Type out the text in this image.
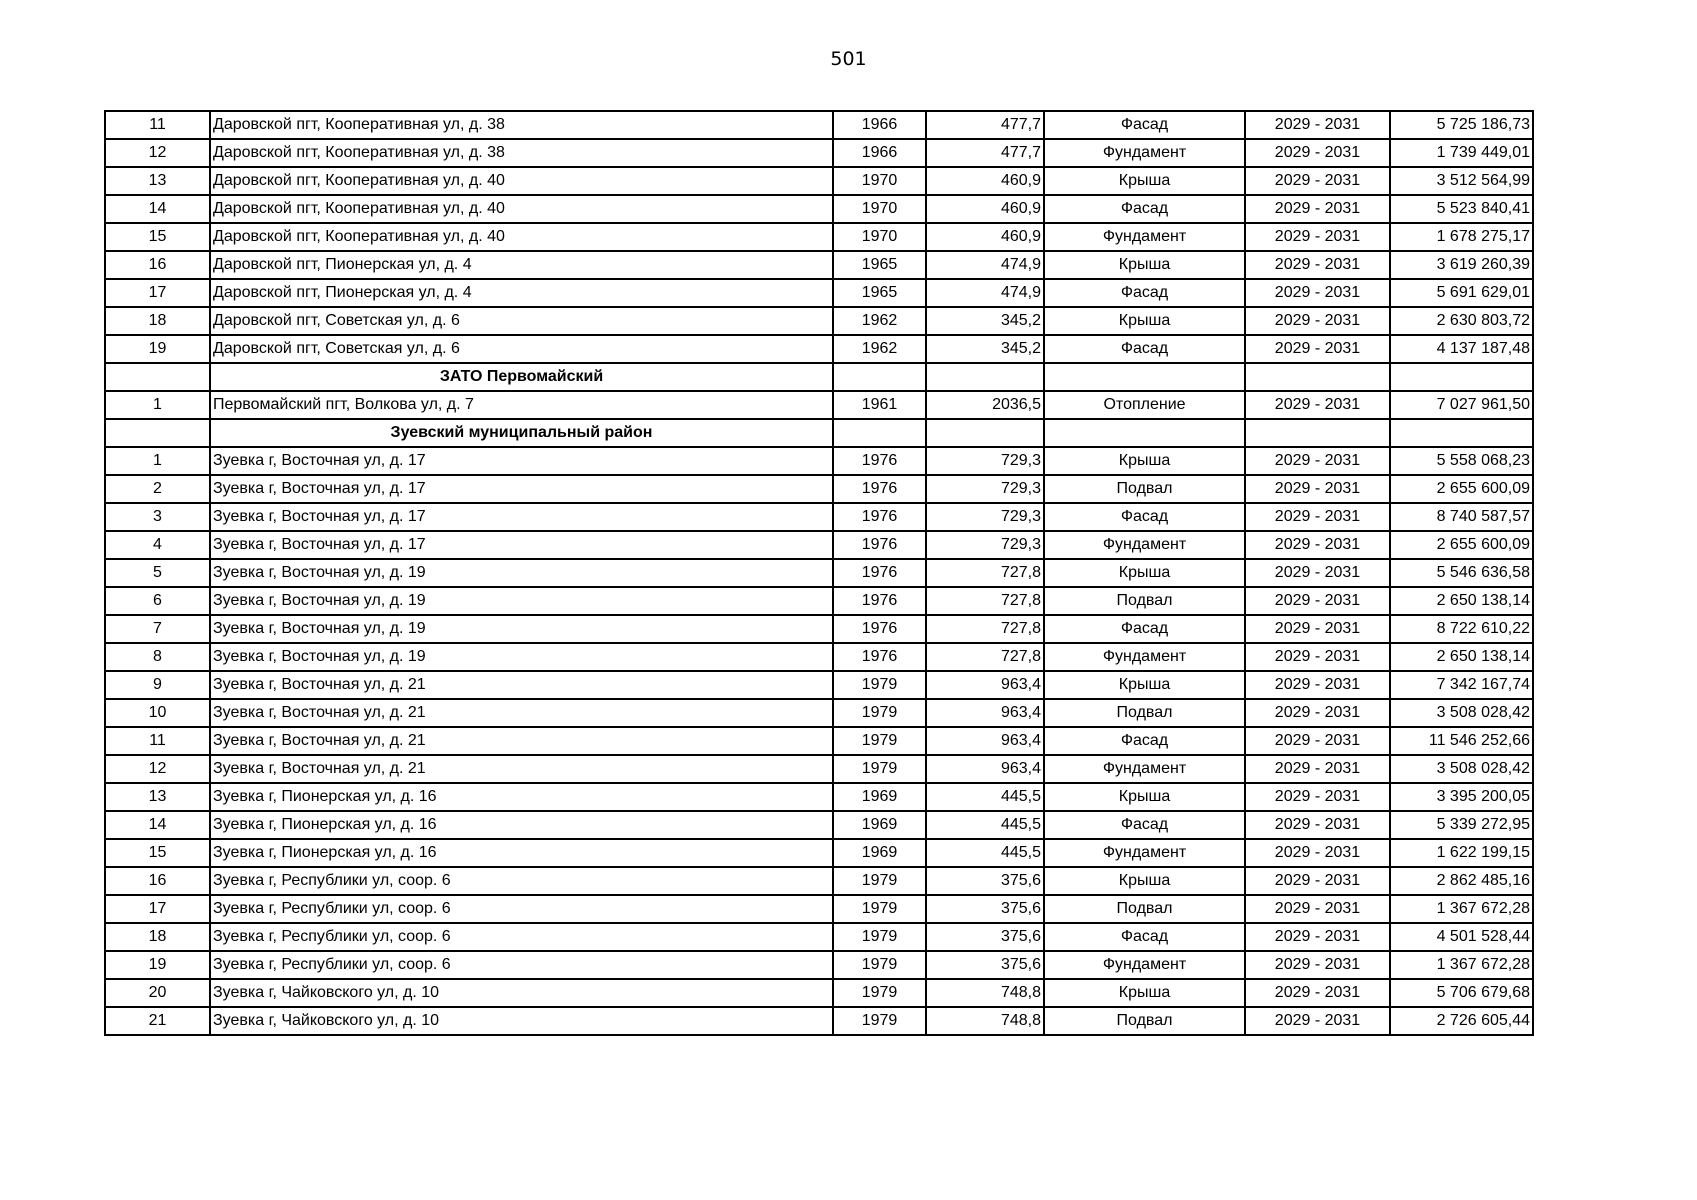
501
11	Даровской пгт, Кооперативная ул, д. 38	1966	477,7	Фасад	2029 - 2031	5 725 186,73
12	Даровской пгт, Кооперативная ул, д. 38	1966	477,7	Фундамент	2029 - 2031	1 739 449,01
13	Даровской пгт, Кооперативная ул, д. 40	1970	460,9	Крыша	2029 - 2031	3 512 564,99
14	Даровской пгт, Кооперативная ул, д. 40	1970	460,9	Фасад	2029 - 2031	5 523 840,41
15	Даровской пгт, Кооперативная ул, д. 40	1970	460,9	Фундамент	2029 - 2031	1 678 275,17
16	Даровской пгт, Пионерская ул, д. 4	1965	474,9	Крыша	2029 - 2031	3 619 260,39
17	Даровской пгт, Пионерская ул, д. 4	1965	474,9	Фасад	2029 - 2031	5 691 629,01
18	Даровской пгт, Советская ул, д. 6	1962	345,2	Крыша	2029 - 2031	2 630 803,72
19	Даровской пгт, Советская ул, д. 6	1962	345,2	Фасад	2029 - 2031	4 137 187,48
	ЗАТО Первомайский					
1	Первомайский пгт, Волкова ул, д. 7	1961	2036,5	Отопление	2029 - 2031	7 027 961,50
	Зуевский муниципальный район					
1	Зуевка г, Восточная ул, д. 17	1976	729,3	Крыша	2029 - 2031	5 558 068,23
2	Зуевка г, Восточная ул, д. 17	1976	729,3	Подвал	2029 - 2031	2 655 600,09
3	Зуевка г, Восточная ул, д. 17	1976	729,3	Фасад	2029 - 2031	8 740 587,57
4	Зуевка г, Восточная ул, д. 17	1976	729,3	Фундамент	2029 - 2031	2 655 600,09
5	Зуевка г, Восточная ул, д. 19	1976	727,8	Крыша	2029 - 2031	5 546 636,58
6	Зуевка г, Восточная ул, д. 19	1976	727,8	Подвал	2029 - 2031	2 650 138,14
7	Зуевка г, Восточная ул, д. 19	1976	727,8	Фасад	2029 - 2031	8 722 610,22
8	Зуевка г, Восточная ул, д. 19	1976	727,8	Фундамент	2029 - 2031	2 650 138,14
9	Зуевка г, Восточная ул, д. 21	1979	963,4	Крыша	2029 - 2031	7 342 167,74
10	Зуевка г, Восточная ул, д. 21	1979	963,4	Подвал	2029 - 2031	3 508 028,42
11	Зуевка г, Восточная ул, д. 21	1979	963,4	Фасад	2029 - 2031	11 546 252,66
12	Зуевка г, Восточная ул, д. 21	1979	963,4	Фундамент	2029 - 2031	3 508 028,42
13	Зуевка г, Пионерская ул, д. 16	1969	445,5	Крыша	2029 - 2031	3 395 200,05
14	Зуевка г, Пионерская ул, д. 16	1969	445,5	Фасад	2029 - 2031	5 339 272,95
15	Зуевка г, Пионерская ул, д. 16	1969	445,5	Фундамент	2029 - 2031	1 622 199,15
16	Зуевка г, Республики ул, соор. 6	1979	375,6	Крыша	2029 - 2031	2 862 485,16
17	Зуевка г, Республики ул, соор. 6	1979	375,6	Подвал	2029 - 2031	1 367 672,28
18	Зуевка г, Республики ул, соор. 6	1979	375,6	Фасад	2029 - 2031	4 501 528,44
19	Зуевка г, Республики ул, соор. 6	1979	375,6	Фундамент	2029 - 2031	1 367 672,28
20	Зуевка г, Чайковского ул, д. 10	1979	748,8	Крыша	2029 - 2031	5 706 679,68
21	Зуевка г, Чайковского ул, д. 10	1979	748,8	Подвал	2029 - 2031	2 726 605,44
